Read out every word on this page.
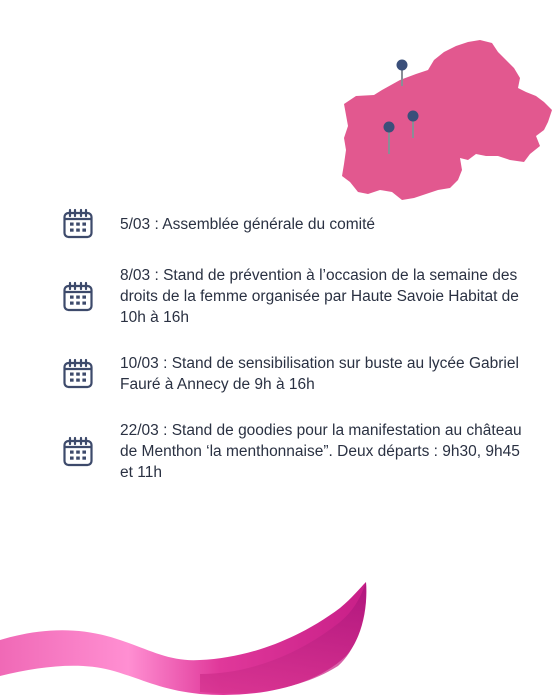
5/03 : Assemblée générale du comité
8/03 : Stand de prévention à l’occasion de la semaine des droits de la femme organisée par Haute Savoie Habitat de 10h à 16h
10/03 : Stand de sensibilisation sur buste au lycée Gabriel Fauré à Annecy de 9h à 16h
22/03 : Stand de goodies pour la manifestation au château de Menthon ‘la menthonnaise”. Deux départs : 9h30, 9h45 et 11h
